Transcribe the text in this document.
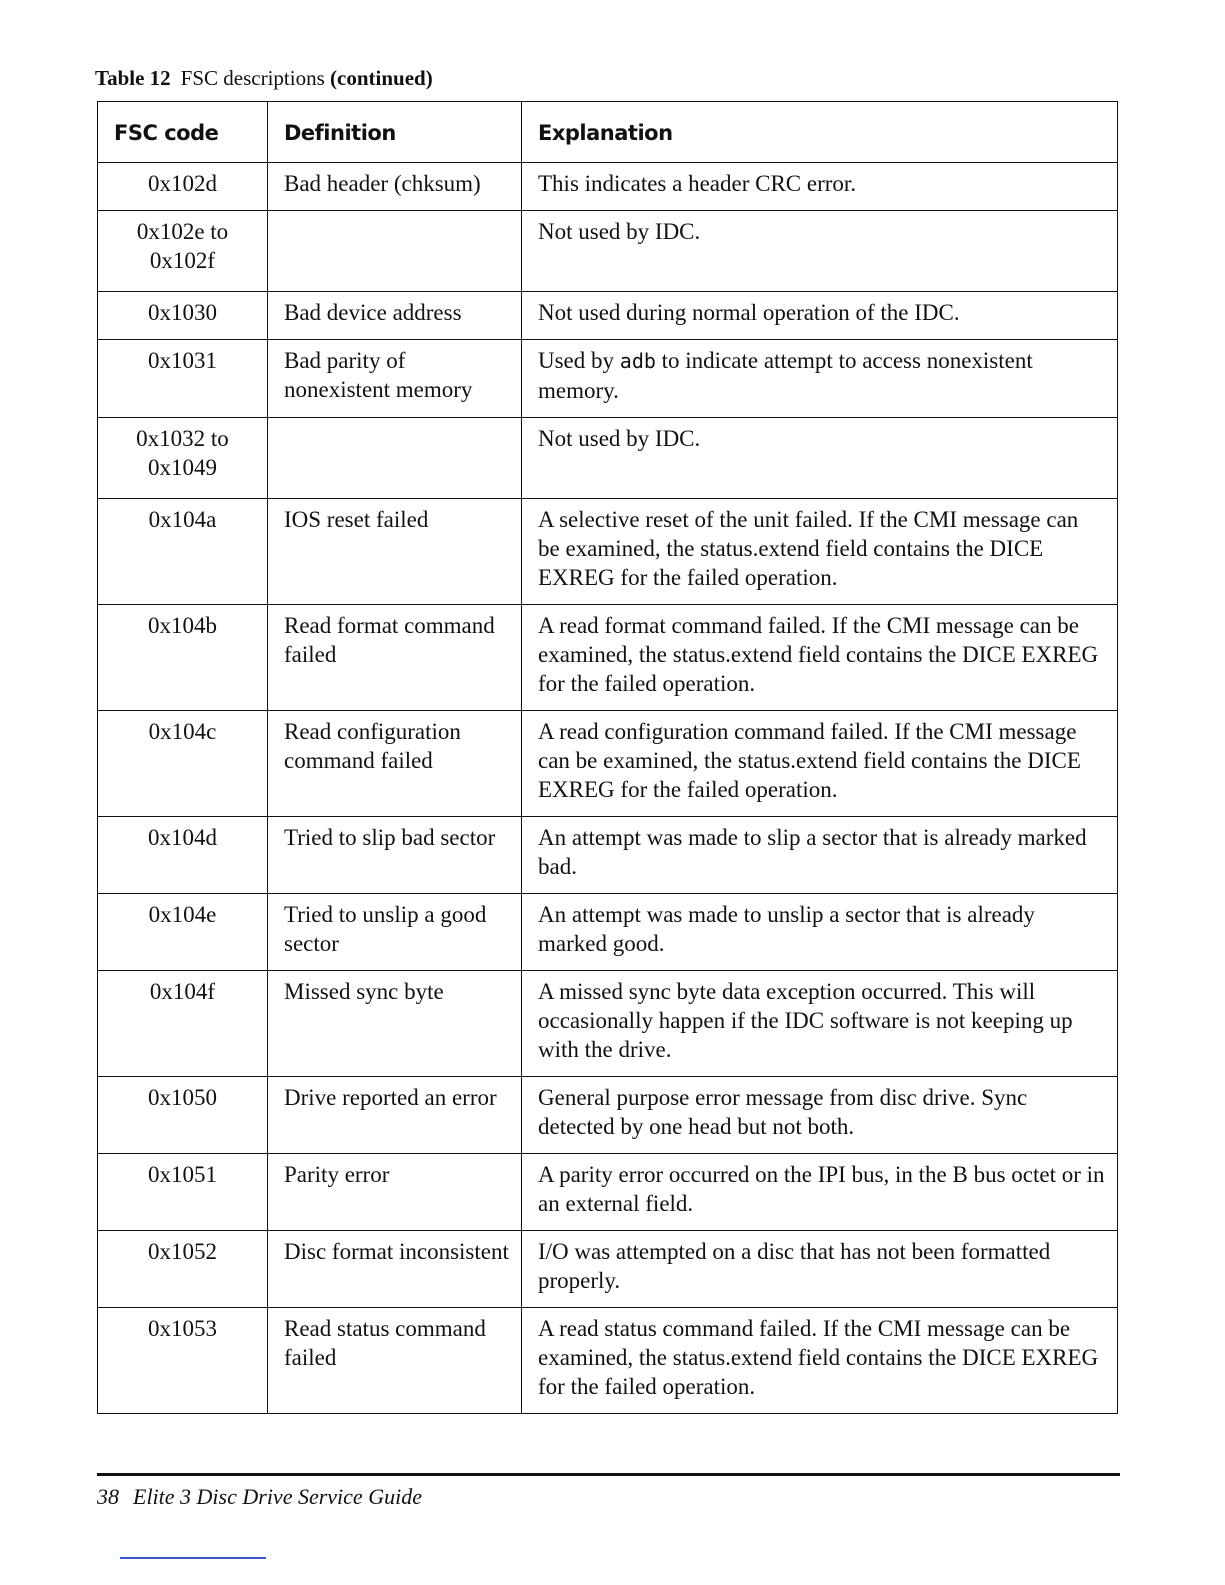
Table 12 FSC descriptions (continued)
FSC code	Definition	Explanation
0x102d	Bad header (chksum)	This indicates a header CRC error.
0x102e to 0x102f		Not used by IDC.
0x1030	Bad device address	Not used during normal operation of the IDC.
0x1031	Bad parity of nonexistent memory	Used by adb to indicate attempt to access nonexistent memory.
0x1032 to 0x1049		Not used by IDC.
0x104a	IOS reset failed	A selective reset of the unit failed. If the CMI message can be examined, the status.extend field contains the DICE EXREG for the failed operation.
0x104b	Read format command failed	A read format command failed. If the CMI message can be examined, the status.extend field contains the DICE EXREG for the failed operation.
0x104c	Read configuration command failed	A read configuration command failed. If the CMI message can be examined, the status.extend field contains the DICE EXREG for the failed operation.
0x104d	Tried to slip bad sector	An attempt was made to slip a sector that is already marked bad.
0x104e	Tried to unslip a good sector	An attempt was made to unslip a sector that is already marked good.
0x104f	Missed sync byte	A missed sync byte data exception occurred. This will occasionally happen if the IDC software is not keeping up with the drive.
0x1050	Drive reported an error	General purpose error message from disc drive. Sync detected by one head but not both.
0x1051	Parity error	A parity error occurred on the IPI bus, in the B bus octet or in an external field.
0x1052	Disc format inconsistent	I/O was attempted on a disc that has not been formatted properly.
0x1053	Read status command failed	A read status command failed. If the CMI message can be examined, the status.extend field contains the DICE EXREG for the failed operation.
38 Elite 3 Disc Drive Service Guide
